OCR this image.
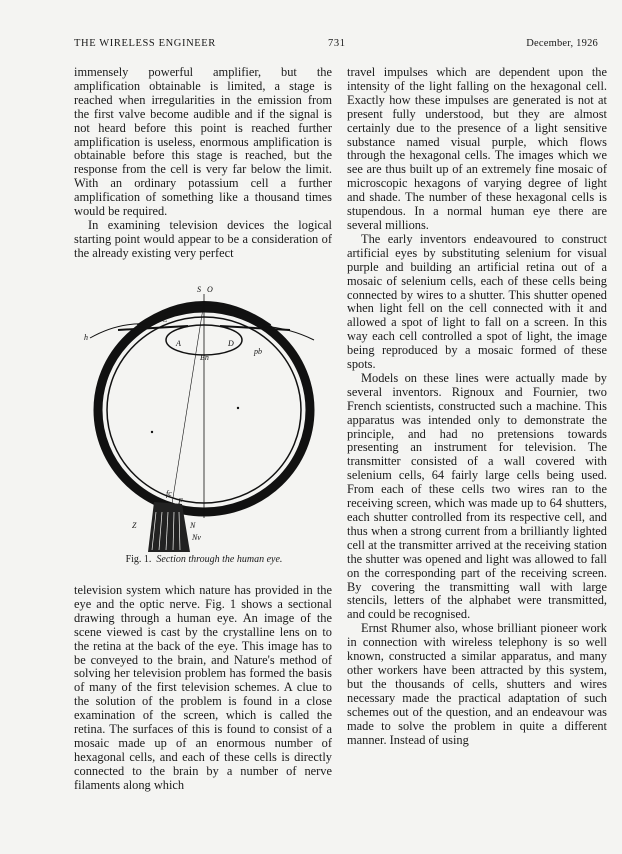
THE WIRELESS ENGINEER	731	December, 1926

immensely powerful amplifier, but the amplification obtainable is limited, a stage is reached when irregularities in the emission from the first valve become audible and if the signal is not heard before this point is reached further amplification is useless, enormous amplification is obtainable before this stage is reached, but the response from the cell is very far below the limit. With an ordinary potassium cell a further amplification of something like a thousand times would be required.

In examining television devices the logical starting point would appear to be a consideration of the already existing very perfect

S O
C
A	D
En
pb
h
fc
F
Z	N
Nv
Fig. 1. Section through the human eye.

television system which nature has provided in the eye and the optic nerve. Fig. 1 shows a sectional drawing through a human eye. An image of the scene viewed is cast by the crystalline lens on to the retina at the back of the eye. This image has to be conveyed to the brain, and Nature's method of solving her television problem has formed the basis of many of the first television schemes. A clue to the solution of the problem is found in a close examination of the screen, which is called the retina. The surfaces of this is found to consist of a mosaic made up of an enormous number of hexagonal cells, and each of these cells is directly connected to the brain by a number of nerve filaments along which

travel impulses which are dependent upon the intensity of the light falling on the hexagonal cell. Exactly how these impulses are generated is not at present fully understood, but they are almost certainly due to the presence of a light sensitive substance named visual purple, which flows through the hexagonal cells. The images which we see are thus built up of an extremely fine mosaic of microscopic hexagons of varying degree of light and shade. The number of these hexagonal cells is stupendous. In a normal human eye there are several millions.

The early inventors endeavoured to construct artificial eyes by substituting selenium for visual purple and building an artificial retina out of a mosaic of selenium cells, each of these cells being connected by wires to a shutter. This shutter opened when light fell on the cell connected with it and allowed a spot of light to fall on a screen. In this way each cell controlled a spot of light, the image being reproduced by a mosaic formed of these spots.

Models on these lines were actually made by several inventors. Rignoux and Fournier, two French scientists, constructed such a machine. This apparatus was intended only to demonstrate the principle, and had no pretensions towards presenting an instrument for television. The transmitter consisted of a wall covered with selenium cells, 64 fairly large cells being used. From each of these cells two wires ran to the receiving screen, which was made up to 64 shutters, each shutter controlled from its respective cell, and thus when a strong current from a brilliantly lighted cell at the transmitter arrived at the receiving station the shutter was opened and light was allowed to fall on the corresponding part of the receiving screen. By covering the transmitting wall with large stencils, letters of the alphabet were transmitted, and could be recognised.

Ernst Rhumer also, whose brilliant pioneer work in connection with wireless telephony is so well known, constructed a similar apparatus, and many other workers have been attracted by this system, but the thousands of cells, shutters and wires necessary made the practical adaptation of such schemes out of the question, and an endeavour was made to solve the problem in quite a different manner. Instead of using
